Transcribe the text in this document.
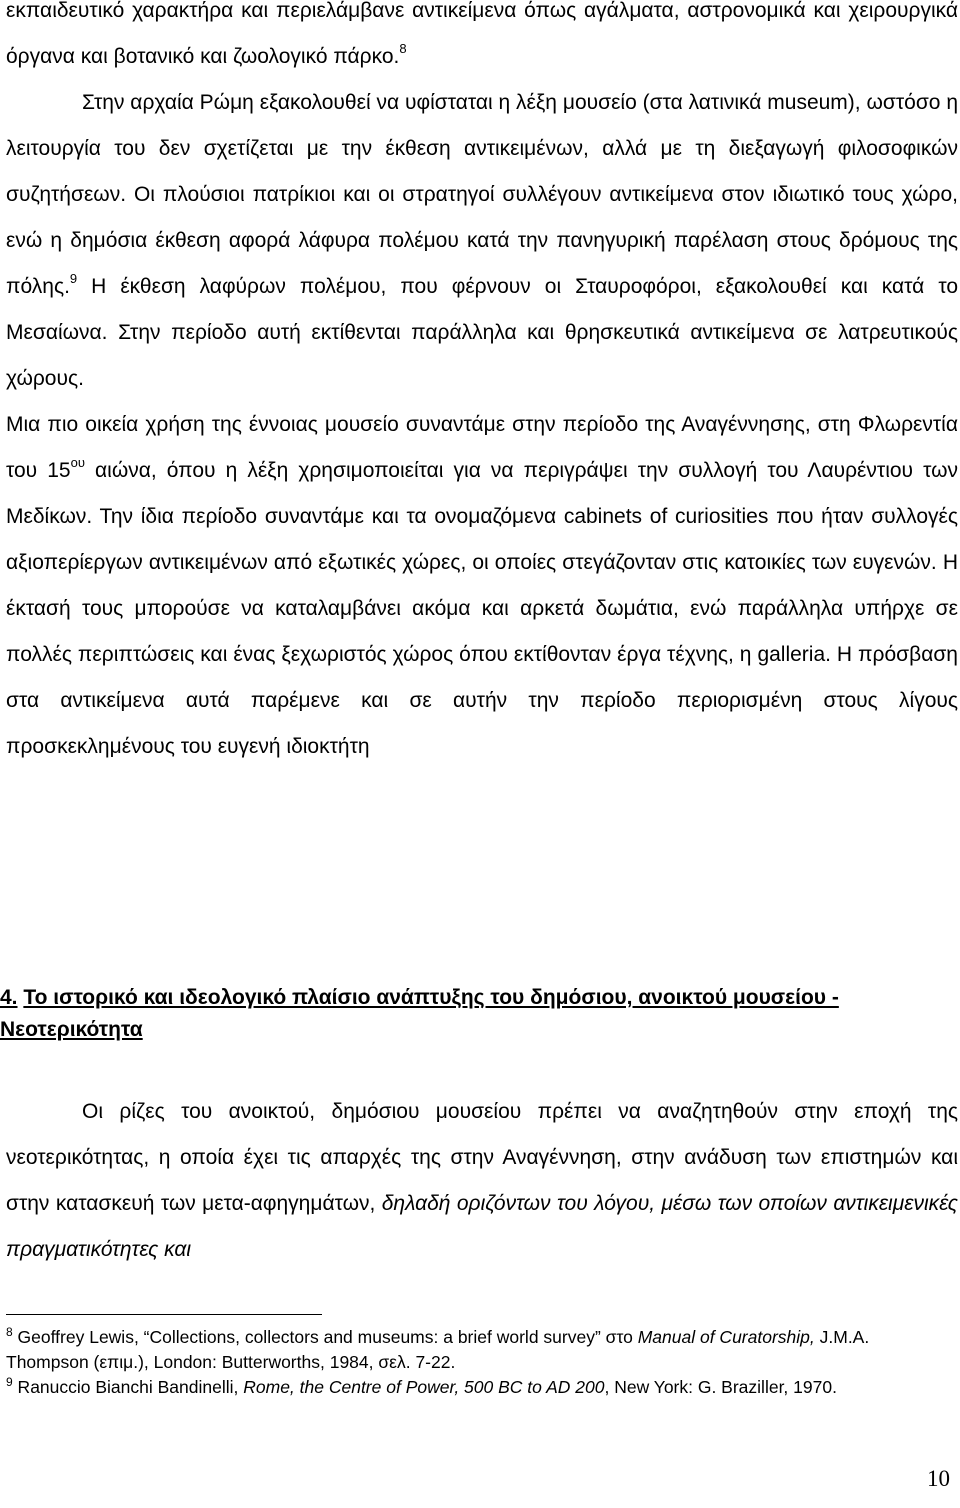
εκπαιδευτικό χαρακτήρα και περιελάμβανε αντικείμενα όπως αγάλματα, αστρονομικά και χειρουργικά όργανα και βοτανικό και ζωολογικό πάρκο.$^8$

Στην αρχαία Ρώμη εξακολουθεί να υφίσταται η λέξη μουσείο (στα λατινικά museum), ωστόσο η λειτουργία του δεν σχετίζεται με την έκθεση αντικειμένων, αλλά με τη διεξαγωγή φιλοσοφικών συζητήσεων. Οι πλούσιοι πατρίκιοι και οι στρατηγοί συλλέγουν αντικείμενα στον ιδιωτικό τους χώρο, ενώ η δημόσια έκθεση αφορά λάφυρα πολέμου κατά την πανηγυρική παρέλαση στους δρόμους της πόλης.$^9$ Η έκθεση λαφύρων πολέμου, που φέρνουν οι Σταυροφόροι, εξακολουθεί και κατά το Μεσαίωνα. Στην περίοδο αυτή εκτίθενται παράλληλα και θρησκευτικά αντικείμενα σε λατρευτικούς χώρους.

Μια πιο οικεία χρήση της έννοιας μουσείο συναντάμε στην περίοδο της Αναγέννησης, στη Φλωρεντία του $15^{o\upsilon}$ αιώνα, όπου η λέξη χρησιμοποιείται για να περιγράψει την συλλογή του Λαυρέντιου των Μεδίκων. Την ίδια περίοδο συναντάμε και τα ονομαζόμενα cabinets of curiosities που ήταν συλλογές αξιοπερίεργων αντικειμένων από εξωτικές χώρες, οι οποίες στεγάζονταν στις κατοικίες των ευγενών. Η έκτασή τους μπορούσε να καταλαμβάνει ακόμα και αρκετά δωμάτια, ενώ παράλληλα υπήρχε σε πολλές περιπτώσεις και ένας ξεχωριστός χώρος όπου εκτίθονταν έργα τέχνης, η galleria. Η πρόσβαση στα αντικείμενα αυτά παρέμενε και σε αυτήν την περίοδο περιορισμένη στους λίγους προσκεκλημένους του ευγενή ιδιοκτήτη

4. Το ιστορικό και ιδεολογικό πλαίσιο ανάπτυξης του δημόσιου, ανοικτού μουσείου - Νεοτερικότητα

Οι ρίζες του ανοικτού, δημόσιου μουσείου πρέπει να αναζητηθούν στην εποχή της νεοτερικότητας, η οποία έχει τις απαρχές της στην Αναγέννηση, στην ανάδυση των επιστημών και στην κατασκευή των μετα-αφηγημάτων, δηλαδή οριζόντων του λόγου, μέσω των οποίων αντικειμενικές πραγματικότητες και

$^8$ Geoffrey Lewis, “Collections, collectors and museums: a brief world survey” στο Manual of Curatorship, J.M.A. Thompson (επιμ.), London: Butterworths, 1984, σελ. 7-22.

$^9$ Ranuccio Bianchi Bandinelli, Rome, the Centre of Power, 500 BC to AD 200, New York: G. Braziller, 1970.

10
